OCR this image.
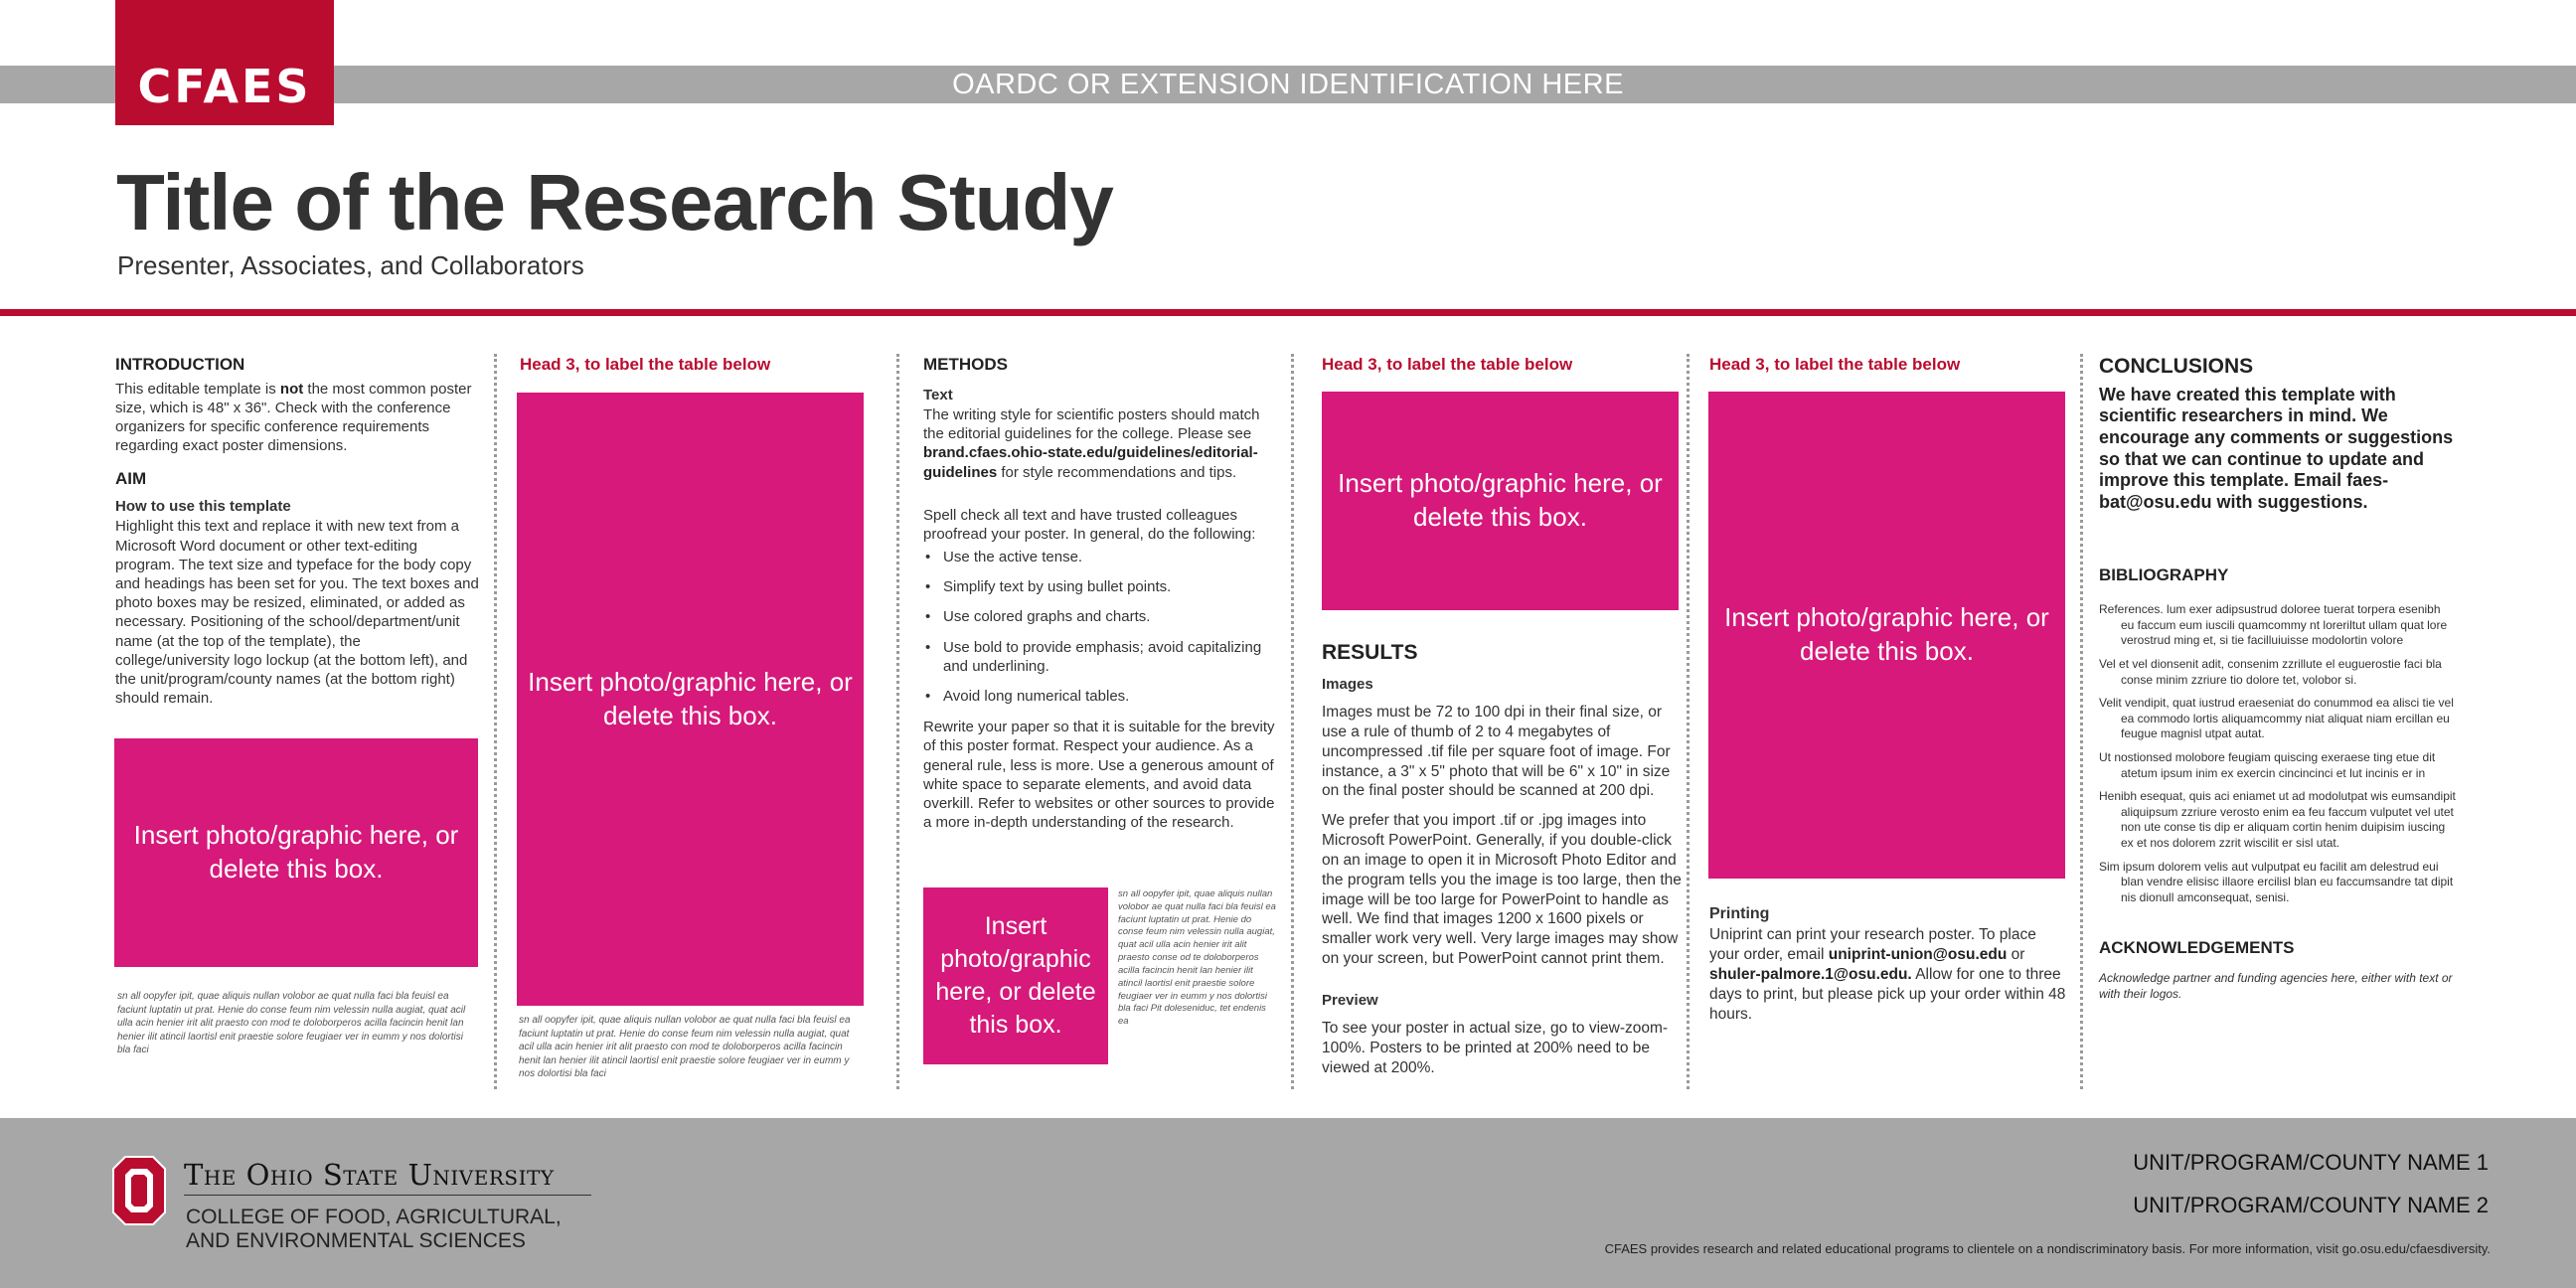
OARDC OR EXTENSION IDENTIFICATION HERE
CFAES
Title of the Research Study
Presenter, Associates, and Collaborators
INTRODUCTION

This editable template is not the most common poster size, which is 48" x 36". Check with the conference organizers for specific conference requirements regarding exact poster dimensions.

AIM
How to use this template

Highlight this text and replace it with new text from a Microsoft Word document or other text-editing program. The text size and typeface for the body copy and headings has been set for you. The text boxes and photo boxes may be resized, eliminated, or added as necessary. Positioning of the school/department/unit name (at the top of the template), the college/university logo lockup (at the bottom left), and the unit/program/county names (at the bottom right) should remain.

Insert photo/graphic here, or delete this box.
sn all oopyfer ipit, quae aliquis nullan volobor ae quat nulla faci bla feuisl ea faciunt luptatin ut prat. Henie do conse feum nim velessin nulla augiat, quat acil ulla acin henier irit alit praesto con mod te doloborperos acilla facincin henit lan henier ilit atincil laortisl enit praestie solore feugiaer ver in eumm y nos dolortisi bla faci
Head 3, to label the table below
Insert photo/graphic here, or delete this box.
sn all oopyfer ipit, quae aliquis nullan volobor ae quat nulla faci bla feuisl ea faciunt luptatin ut prat. Henie do conse feum nim velessin nulla augiat, quat acil ulla acin henier irit alit praesto con mod te doloborperos acilla facincin henit lan henier ilit atincil laortisl enit praestie solore feugiaer ver in eumm y nos dolortisi bla faci
METHODS
Text

The writing style for scientific posters should match the editorial guidelines for the college. Please see brand.cfaes.ohio-state.edu/guidelines/editorial-guidelines for style recommendations and tips.

Spell check all text and have trusted colleagues proofread your poster. In general, do the following:

• Use the active tense.
• Simplify text by using bullet points.
• Use colored graphs and charts.
• Use bold to provide emphasis; avoid capitalizing and underlining.
• Avoid long numerical tables.

Rewrite your paper so that it is suitable for the brevity of this poster format. Respect your audience. As a general rule, less is more. Use a generous amount of white space to separate elements, and avoid data overkill. Refer to websites or other sources to provide a more in-depth understanding of the research.

Insert photo/graphic here, or delete this box.
sn all oopyfer ipit, quae aliquis nullan volobor ae quat nulla faci bla feuisl ea faciunt luptatin ut prat. Henie do conse feum nim velessin nulla augiat, quat acil ulla acin henier irit alit praesto conse od te doloborperos acilla facincin henit lan henier ilit atincil laortisl enit praestie solore feugiaer ver in eumm y nos dolortisi bla faci Pit doleseniduc, tet endenis ea
Head 3, to label the table below
Insert photo/graphic here, or delete this box.
RESULTS
Images

Images must be 72 to 100 dpi in their final size, or use a rule of thumb of 2 to 4 megabytes of uncompressed .tif file per square foot of image. For instance, a 3" x 5" photo that will be 6" x 10" in size on the final poster should be scanned at 200 dpi.

We prefer that you import .tif or .jpg images into Microsoft PowerPoint. Generally, if you double-click on an image to open it in Microsoft Photo Editor and the program tells you the image is too large, then the image will be too large for PowerPoint to handle as well. We find that images 1200 x 1600 pixels or smaller work very well. Very large images may show on your screen, but PowerPoint cannot print them.

Preview

To see your poster in actual size, go to view-zoom-100%. Posters to be printed at 200% need to be viewed at 200%.

Head 3, to label the table below
Insert photo/graphic here, or delete this box.
Printing

Uniprint can print your research poster. To place your order, email uniprint-union@osu.edu or shuler-palmore.1@osu.edu. Allow for one to three days to print, but please pick up your order within 48 hours.

CONCLUSIONS

We have created this template with scientific researchers in mind. We encourage any comments or suggestions so that we can continue to update and improve this template. Email faes-bat@osu.edu with suggestions.

BIBLIOGRAPHY

References. lum exer adipsustrud doloree tuerat torpera esenibh eu faccum eum iuscili quamcommy nt loreriltut ullam quat lore verostrud ming et, si tie facilluiuisse modolortin volore

Vel et vel dionsenit adit, consenim zzrillute el euguerostie faci bla conse minim zzriure tio dolore tet, volobor si.

Velit vendipit, quat iustrud eraeseniat do conummod ea alisci tie vel ea commodo lortis aliquamcommy niat aliquat niam ercillan eu feugue magnisl utpat autat.

Ut nostionsed molobore feugiam quiscing exeraese ting etue dit atetum ipsum inim ex exercin cincincinci et lut incinis er in

Henibh esequat, quis aci eniamet ut ad modolutpat wis eumsandipit aliquipsum zzriure verosto enim ea feu faccum vulputet vel utet non ute conse tis dip er aliquam cortin henim duipisim iuscing ex et nos dolorem zzrit wiscilit er sisl utat.

Sim ipsum dolorem velis aut vulputpat eu facilit am delestrud eui blan vendre elisisc illaore ercilisl blan eu faccumsandre tat dipit nis dionull amconsequat, senisi.

ACKNOWLEDGEMENTS

Acknowledge partner and funding agencies here, either with text or with their logos.

The Ohio State University
COLLEGE OF FOOD, AGRICULTURAL,
AND ENVIRONMENTAL SCIENCES
UNIT/PROGRAM/COUNTY NAME 1
UNIT/PROGRAM/COUNTY NAME 2
CFAES provides research and related educational programs to clientele on a nondiscriminatory basis. For more information, visit go.osu.edu/cfaesdiversity.
